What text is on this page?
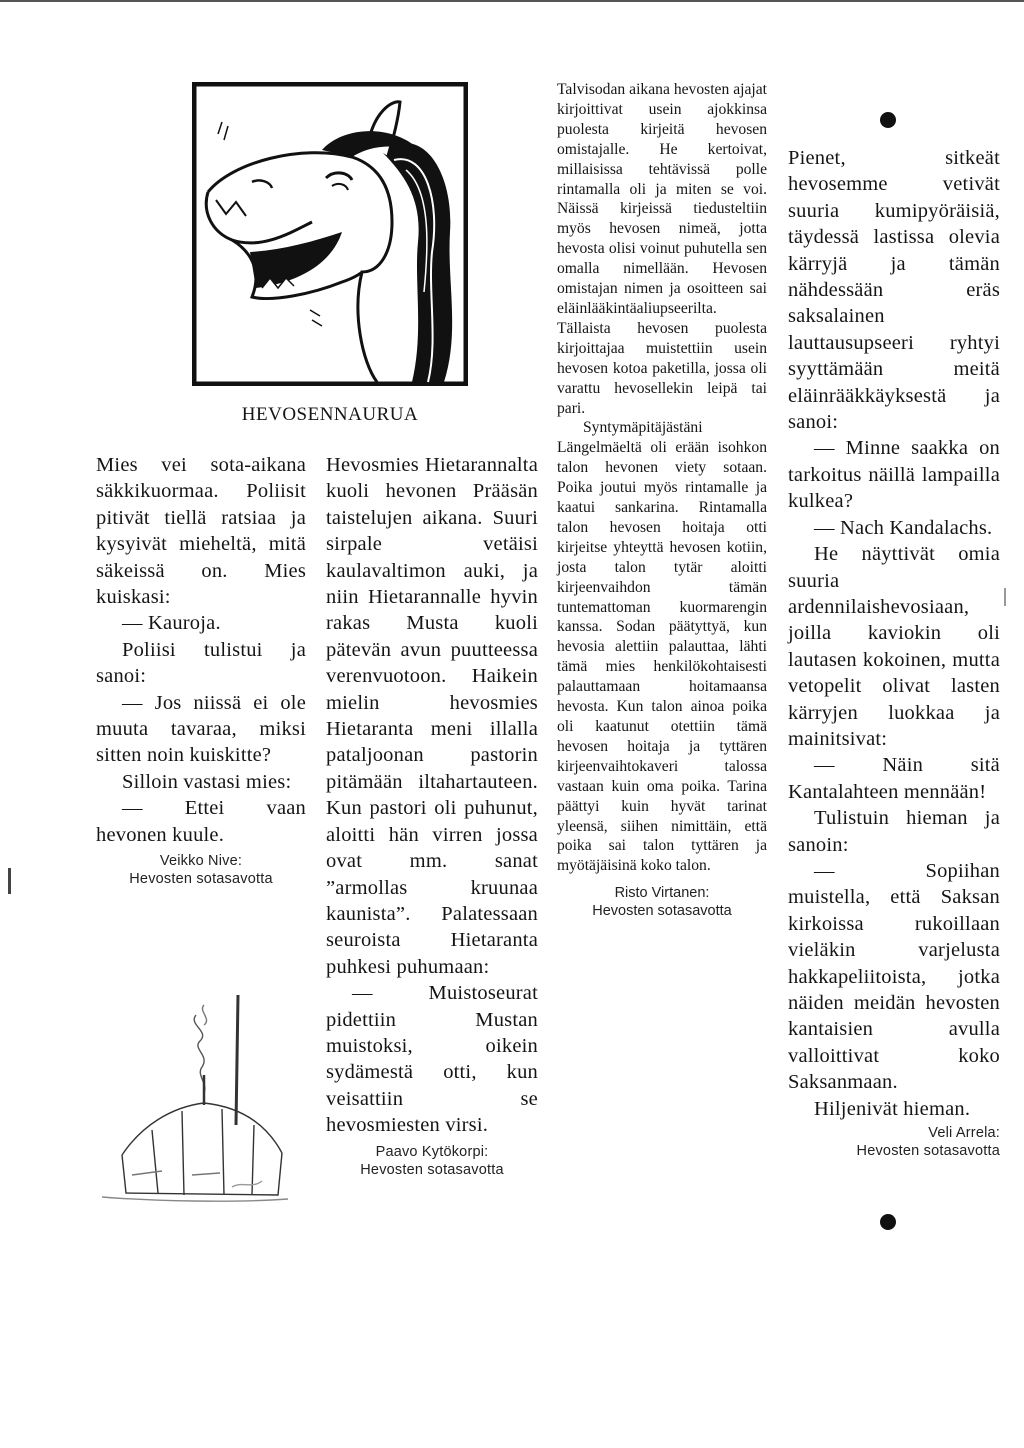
HEVOSENNAURUA

Mies vei sota-aikana säkkikuormaa. Poliisit pitivät tiellä ratsiaa ja kysyivät mieheltä, mitä säkeissä on. Mies kuiskasi:

— Kauroja.

Poliisi tulistui ja sanoi:

— Jos niissä ei ole muuta tavaraa, miksi sitten noin kuiskitte?

Silloin vastasi mies:

— Ettei vaan hevonen kuule.

Veikko Nive:
Hevosten sotasavotta

Hevosmies Hietarannalta kuoli hevonen Prääsän taistelujen aikana. Suuri sirpale vetäisi kaulavaltimon auki, ja niin Hietarannalle hyvin rakas Musta kuoli pätevän avun puutteessa verenvuotoon. Haikein mielin hevosmies Hietaranta meni illalla pataljoonan pastorin pitämään iltahartauteen. Kun pastori oli puhunut, aloitti hän virren jossa ovat mm. sanat ”armollas kruunaa kaunista”. Palatessaan seuroista Hietaranta puhkesi puhumaan:

— Muistoseurat pidettiin Mustan muistoksi, oikein sydämestä otti, kun veisattiin se hevosmiesten virsi.

Paavo Kytökorpi:
Hevosten sotasavotta

Talvisodan aikana hevosten ajajat kirjoittivat usein ajokkinsa puolesta kirjeitä hevosen omistajalle. He kertoivat, millaisissa tehtävissä polle rintamalla oli ja miten se voi. Näissä kirjeissä tiedusteltiin myös hevosen nimeä, jotta hevosta olisi voinut puhutella sen omalla nimellään. Hevosen omistajan nimen ja osoitteen sai eläinlääkintäaliupseeriltа. Tällaista hevosen puolesta kirjoittajaa muistettiin usein hevosen kotoa paketilla, jossa oli varattu hevosellekin leipä tai pari.

Syntymäpitäjästäni Längelmäeltä oli erään isohkon talon hevonen viety sotaan. Poika joutui myös rintamalle ja kaatui sankarina. Rintamalla talon hevosen hoitaja otti kirjeitse yhteyttä hevosen kotiin, josta talon tytär aloitti kirjeenvaihdon tämän tuntemattoman kuormarengin kanssa. Sodan päätyttyä, kun hevosia alettiin palauttaa, lähti tämä mies henkilökohtaisesti palauttamaan hoitamaansa hevosta. Kun talon ainoa poika oli kaatunut otettiin tämä hevosen hoitaja ja tyttären kirjeenvaihtokaveri talossa vastaan kuin oma poika. Tarina päättyi kuin hyvät tarinat yleensä, siihen nimittäin, että poika sai talon tyttären ja myötäjäisinä koko talon.

Risto Virtanen:
Hevosten sotasavotta

Pienet, sitkeät hevosemme vetivät suuria kumipyöräisiä, täydessä lastissa olevia kärryjä ja tämän nähdessään eräs saksalainen lauttausupseeri ryhtyi syyttämään meitä eläinrääkkäyksestä ja sanoi:

— Minne saakka on tarkoitus näillä lampailla kulkea?

— Nach Kandalachs.

He näyttivät omia suuria ardennilaishevosiaan, joilla kaviokin oli lautasen kokoinen, mutta vetopelit olivat lasten kärryjen luokkaa ja mainitsivat:

— Näin sitä Kantalahteen mennään!

Tulistuin hieman ja sanoin:

— Sopiihan muistella, että Saksan kirkoissa rukoillaan vieläkin varjelusta hakkapeliitoista, jotka näiden meidän hevosten kantaisien avulla valloittivat koko Saksanmaan.

Hiljenivät hieman.

Veli Arrela:
Hevosten sotasavotta
